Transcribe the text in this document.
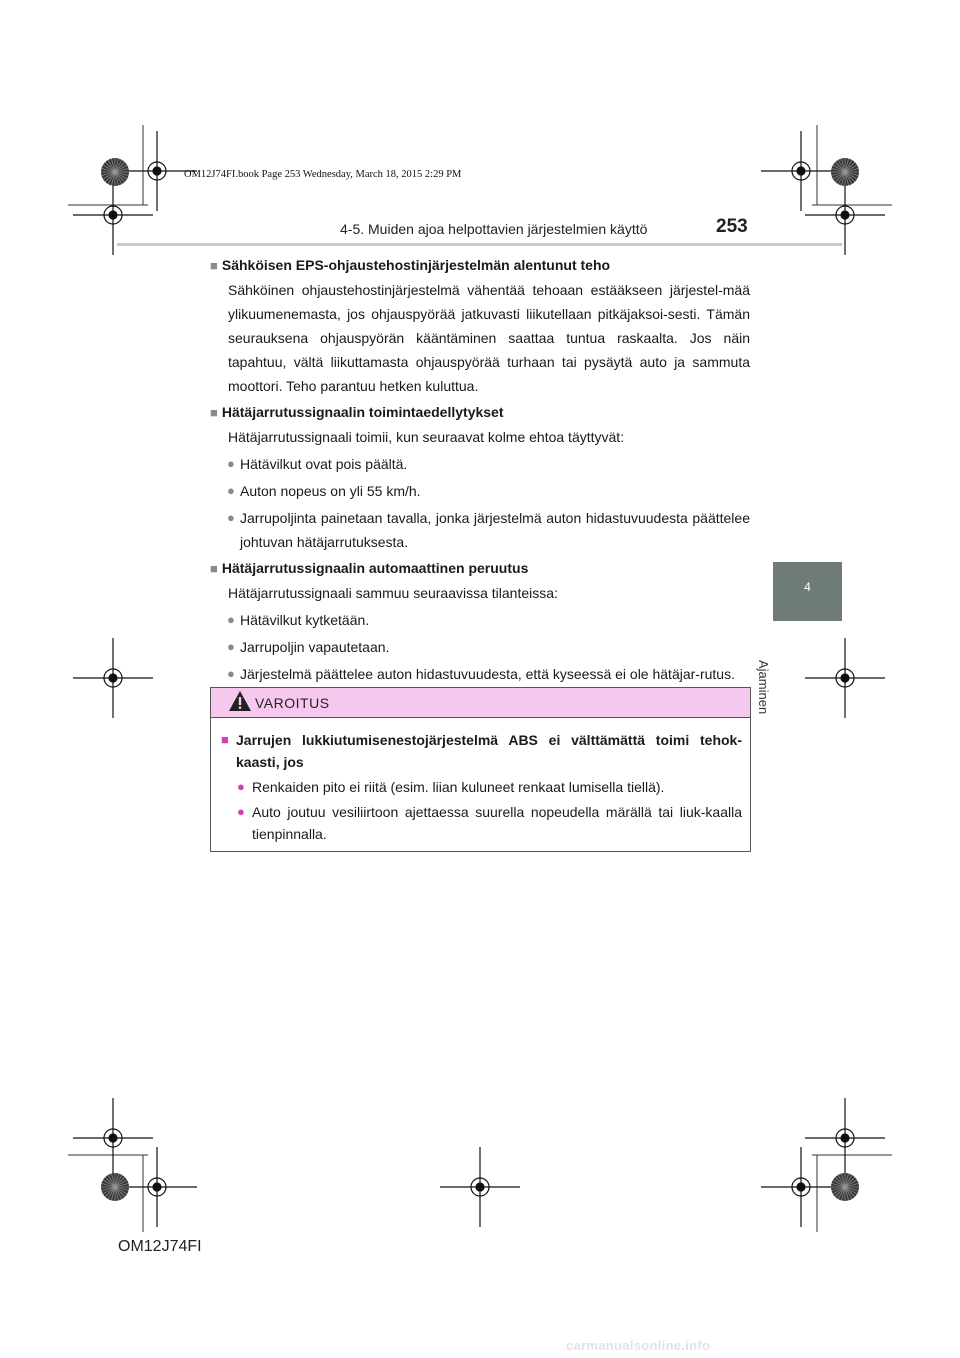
OM12J74FI.book Page 253 Wednesday, March 18, 2015 2:29 PM
4-5. Muiden ajoa helpottavien järjestelmien käyttö	253
4
Ajaminen

■ Sähköisen EPS-ohjaustehostinjärjestelmän alentunut teho

Sähköinen ohjaustehostinjärjestelmä vähentää tehoaan estääkseen järjestel-mää ylikuumenemasta, jos ohjauspyörää jatkuvasti liikutellaan pitkäjaksoi-sesti. Tämän seurauksena ohjauspyörän kääntäminen saattaa tuntua raskaalta. Jos näin tapahtuu, vältä liikuttamasta ohjauspyörää turhaan tai pysäytä auto ja sammuta moottori. Teho parantuu hetken kuluttua.

■ Hätäjarrutussignaalin toimintaedellytykset

Hätäjarrutussignaali toimii, kun seuraavat kolme ehtoa täyttyvät:

● Hätävilkut ovat pois päältä.
● Auton nopeus on yli 55 km/h.
● Jarrupoljinta painetaan tavalla, jonka järjestelmä auton hidastuvuudesta päättelee johtuvan hätäjarrutuksesta.

■ Hätäjarrutussignaalin automaattinen peruutus

Hätäjarrutussignaali sammuu seuraavissa tilanteissa:

● Hätävilkut kytketään.
● Jarrupoljin vapautetaan.
● Järjestelmä päättelee auton hidastuvuudesta, että kyseessä ei ole hätäjar-rutus.
VAROITUS

■ Jarrujen lukkiutumisenestojärjestelmä ABS ei välttämättä toimi tehok-kaasti, jos

● Renkaiden pito ei riitä (esim. liian kuluneet renkaat lumisella tiellä).
● Auto joutuu vesiliirtoon ajettaessa suurella nopeudella märällä tai liuk-kaalla tienpinnalla.
OM12J74FI
carmanualsonline.info
